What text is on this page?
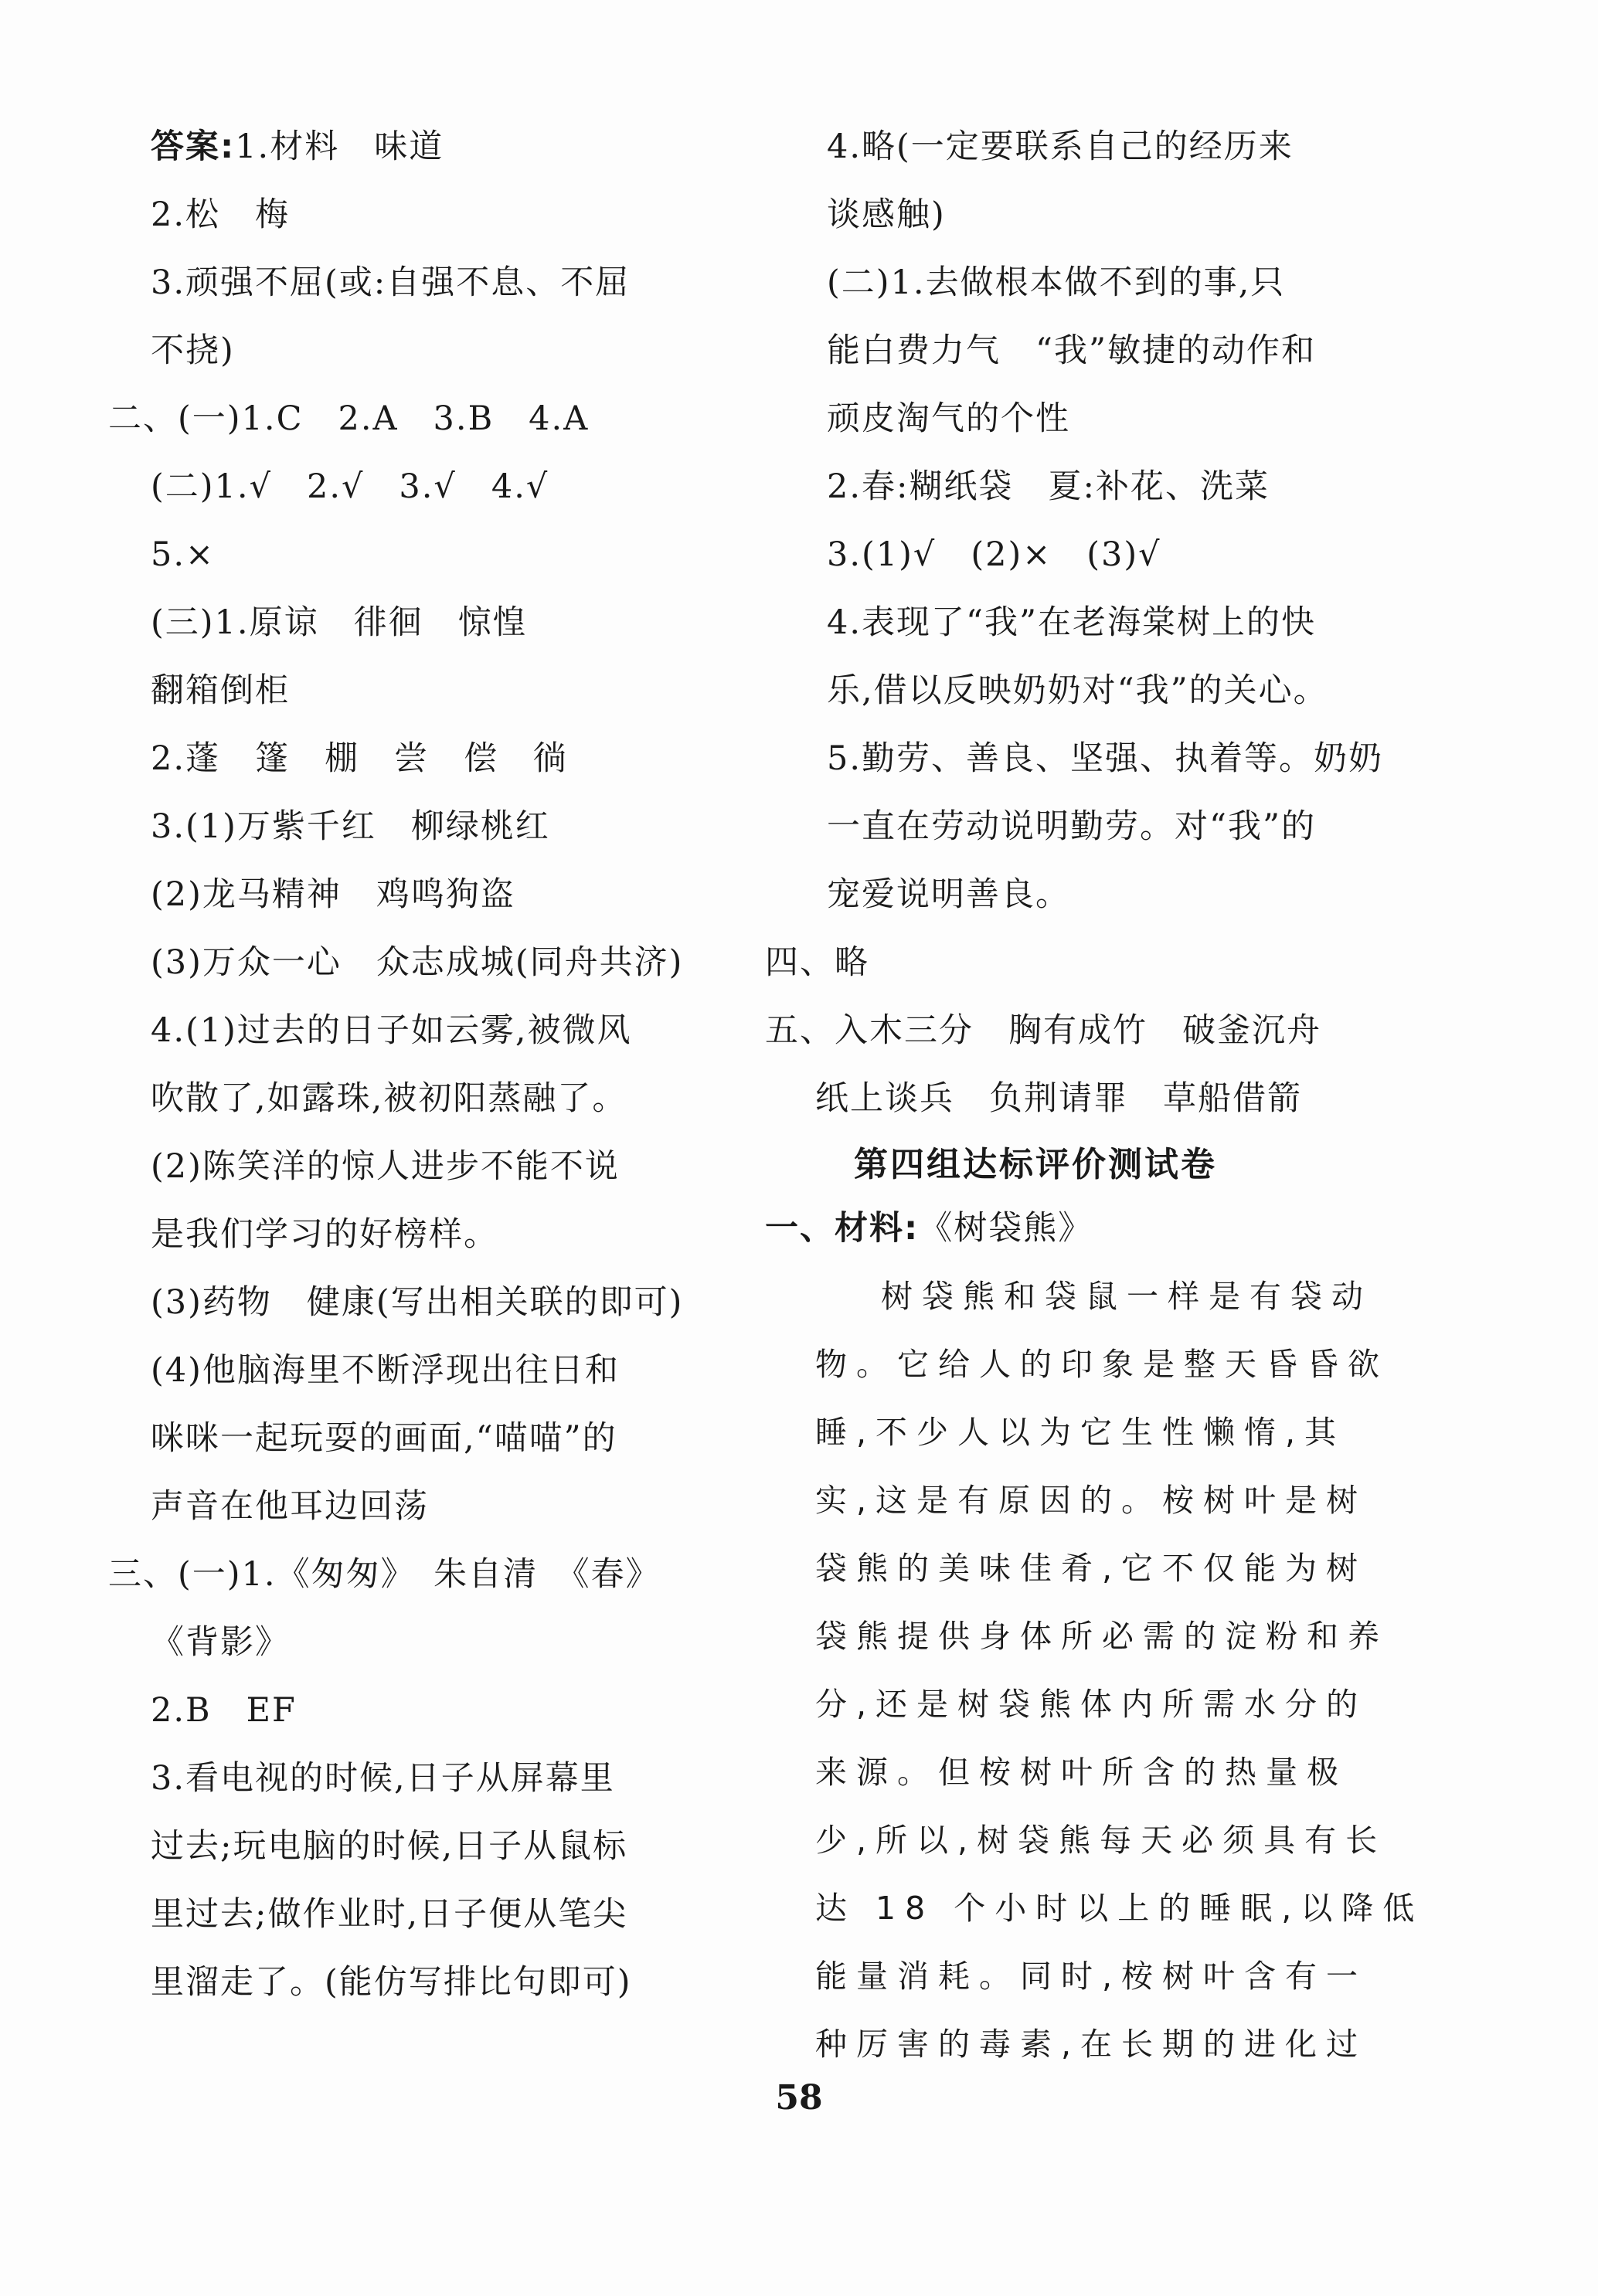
答案:1.材料　味道
2.松　梅
3.顽强不屈(或:自强不息、不屈
不挠)
二、(一)1.C　2.A　3.B　4.A
(二)1.√　2.√　3.√　4.√
5.×
(三)1.原谅　徘徊　惊惶
翻箱倒柜
2.蓬　篷　棚　尝　偿　徜
3.(1)万紫千红　柳绿桃红
(2)龙马精神　鸡鸣狗盗
(3)万众一心　众志成城(同舟共济)
4.(1)过去的日子如云雾,被微风
吹散了,如露珠,被初阳蒸融了。
(2)陈笑洋的惊人进步不能不说
是我们学习的好榜样。
(3)药物　健康(写出相关联的即可)
(4)他脑海里不断浮现出往日和
咪咪一起玩耍的画面,“喵喵”的
声音在他耳边回荡
三、(一)1.《匆匆》　朱自清　《春》
《背影》
2.B　EF
3.看电视的时候,日子从屏幕里
过去;玩电脑的时候,日子从鼠标
里过去;做作业时,日子便从笔尖
里溜走了。(能仿写排比句即可)
4.略(一定要联系自己的经历来
谈感触)
(二)1.去做根本做不到的事,只
能白费力气　“我”敏捷的动作和
顽皮淘气的个性
2.春:糊纸袋　夏:补花、洗菜
3.(1)√　(2)×　(3)√
4.表现了“我”在老海棠树上的快
乐,借以反映奶奶对“我”的关心。
5.勤劳、善良、坚强、执着等。奶奶
一直在劳动说明勤劳。对“我”的
宠爱说明善良。
四、略
五、入木三分　胸有成竹　破釜沉舟
纸上谈兵　负荆请罪　草船借箭
第四组达标评价测试卷
一、材料:《树袋熊》
树袋熊和袋鼠一样是有袋动
物。它给人的印象是整天昏昏欲
睡,不少人以为它生性懒惰,其
实,这是有原因的。桉树叶是树
袋熊的美味佳肴,它不仅能为树
袋熊提供身体所必需的淀粉和养
分,还是树袋熊体内所需水分的
来源。但桉树叶所含的热量极
少,所以,树袋熊每天必须具有长
达 18 个小时以上的睡眠,以降低
能量消耗。同时,桉树叶含有一
种厉害的毒素,在长期的进化过
58
